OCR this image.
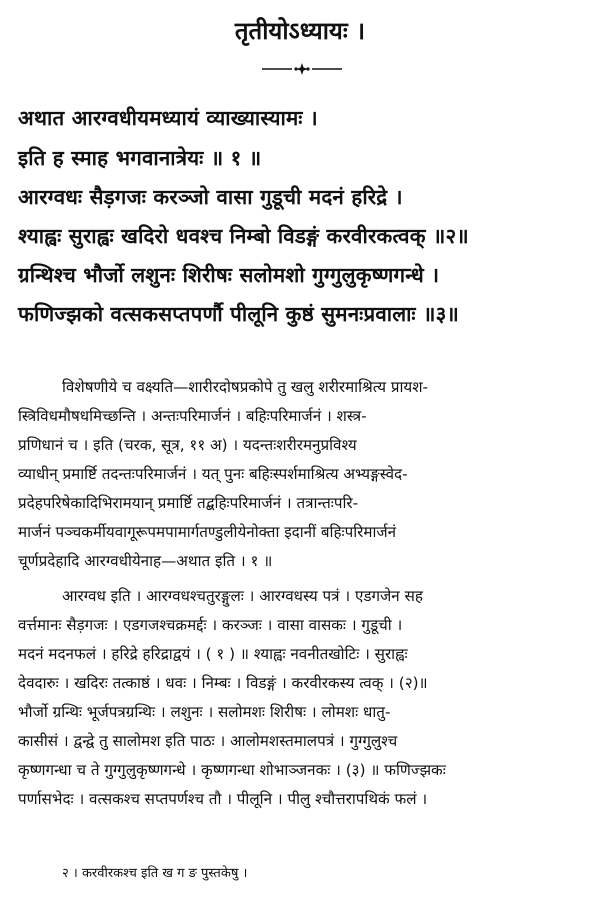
तृतीयोऽध्यायः ।
अथात आरग्वधीयमध्यायं व्याख्यास्यामः ।
इति ह स्माह भगवानात्रेयः ॥ १ ॥
आरग्वधः सैड़गजः करञ्जो वासा गुडूची मदनं हरिद्रे ।
श्याह्वः सुराह्वः खदिरो धवश्च निम्बो विडङ्गं करवीरकत्वक् ॥२॥
ग्रन्थिश्च भौर्जो लशुनः शिरीषः सलोमशो गुग्गुलुकृष्णगन्धे ।
फणिज्झको वत्सकसप्तपर्णौ पीलूनि कुष्ठं सुमनःप्रवालाः ॥३॥
विशेषणीये च वक्ष्यति—शारीरदोषप्रकोपे तु खलु शरीरमाश्रित्य प्रायश-
स्त्रिविधमौषधमिच्छन्ति । अन्तःपरिमार्जनं । बहिःपरिमार्जनं । शस्त्र-
प्रणिधानं च । इति (चरक, सूत्र, ११ अ) । यदन्तःशरीरमनुप्रविश्य
व्याधीन् प्रमार्ष्टि तदन्तःपरिमार्जनं । यत् पुनः बहिःस्पर्शमाश्रित्य अभ्यङ्गस्वेद-
प्रदेहपरिषेकादिभिरामयान् प्रमार्ष्टि तद्बहिःपरिमार्जनं । तत्रान्तःपरि-
मार्जनं पञ्चकर्मीयवागूरूपमपामार्गतण्डुलीयेनोक्ता इदानीं बहिःपरिमार्जनं
चूर्णप्रदेहादि आरग्वधीयेनाह—अथात इति । १ ॥
आरग्वध इति । आरग्वधश्चतुरङ्गुलः । आरग्वधस्य पत्रं । एडगजेन सह
वर्त्तमानः सैड़गजः । एडगजश्चक्रमर्द्दः । करञ्जः । वासा वासकः । गुडूची ।
मदनं मदनफलं । हरिद्रे हरिद्राद्वयं । ( १ ) ॥ श्याह्वः नवनीतखोटिः । सुराह्वः
देवदारुः । खदिरः तत्काष्ठं । धवः । निम्बः । विडङ्गं । करवीरकस्य त्वक् । (२)॥
भौर्जो ग्रन्थिः भूर्जपत्रग्रन्थिः । लशुनः । सलोमशः शिरीषः । लोमशः धातु-
कासीसं । द्वन्द्वे तु सालोमश इति पाठः । आलोमशस्तमालपत्रं । गुग्गुलुश्च
कृष्णगन्धा च ते गुग्गुलुकृष्णगन्धे । कृष्णगन्धा शोभाञ्जनकः । (३) ॥ फणिज्झकः
पर्णासभेदः । वत्सकश्च सप्तपर्णश्च तौ । पीलूनि । पीलु श्चौत्तरापथिकं फलं ।
२ । करवीरकश्च इति ख ग ङ पुस्तकेषु ।
